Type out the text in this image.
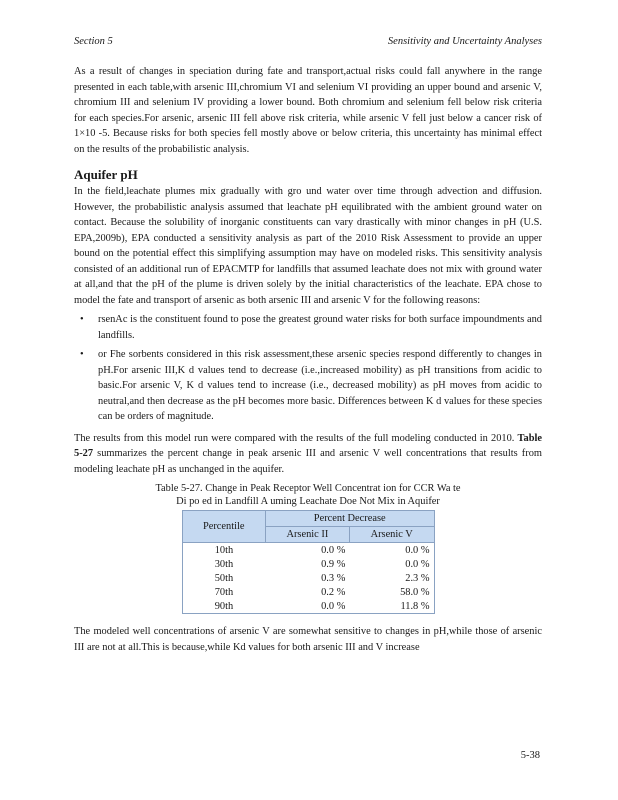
Section 5	Sensitivity and Uncertainty Analyses

As a result of changes in speciation during fate and transport,actual risks could fall anywhere in the range presented in each table,with arsenic III,chromium VI and selenium VI providing an upper bound and arsenic V, chromium III and selenium IV providing a lower bound. Both chromium and selenium fell below risk criteria for each species.For arsenic, arsenic III fell above risk criteria, while arsenic V fell just below a cancer risk of 1×10 -5. Because risks for both species fell mostly above or below criteria, this uncertainty has minimal effect on the results of the probabilistic analysis.

Aquifer pH

In the field,leachate plumes mix gradually with gro und water over time through advection and diffusion. However, the probabilistic analysis assumed that leachate pH equilibrated with the ambient ground water on contact. Because the solubility of inorganic constituents can vary drastically with minor changes in pH (U.S. EPA,2009b), EPA conducted a sensitivity analysis as part of the 2010 Risk Assessment to provide an upper bound on the potential effect this simplifying assumption may have on modeled risks. This sensitivity analysis consisted of an additional run of EPACMTP for landfills that assumed leachate does not mix with ground water at all,and that the pH of the plume is driven solely by the initial characteristics of the leachate. EPA chose to model the fate and transport of arsenic as both arsenic III and arsenic V for the following reasons:

• rsenAc is the constituent found to pose the greatest ground water risks for both surface impoundments and landfills.
• or Fhe sorbents considered in this risk assessment,these arsenic species respond differently to changes in pH.For arsenic III,K d values tend to decrease (i.e.,increased mobility) as pH transitions from acidic to basic.For arsenic V, K d values tend to increase (i.e., decreased mobility) as pH moves from acidic to neutral,and then decrease as the pH becomes more basic. Differences between K d values for these species can be orders of magnitude.

The results from this model run were compared with the results of the full modeling conducted in 2010. Table 5-27 summarizes the percent change in peak arsenic III and arsenic V well concentrations that results from modeling leachate pH as unchanged in the aquifer.

Table 5-27. Change in Peak Receptor Well Concentrat ion for CCR Wa te
Di po ed in Landfill A uming Leachate Doe Not Mix in Aquifer
Percentile	Percent Decrease	
	Arsenic II	Arsenic V
10th	0.0 %	0.0 %
30th	0.9 %	0.0 %
50th	0.3 %	2.3 %
70th	0.2 %	58.0 %
90th	0.0 %	11.8 %

The modeled well concentrations of arsenic V are somewhat sensitive to changes in pH,while those of arsenic III are not at all.This is because,while Kd values for both arsenic III and V increase

5-38
